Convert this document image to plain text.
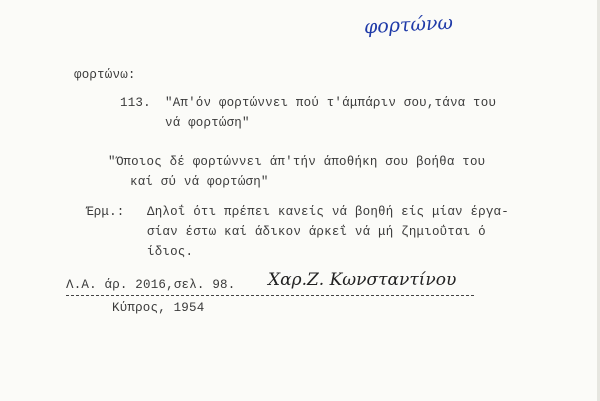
φορτώνω
φορτώνω:
113. "Απ'όν φορτώννει πού τ'άμπάριν σου,τάνα του
νά φορτώση"
"Όποιος δέ φορτώννει άπ'τήν άποθήκη σου βοήθα του
καί σύ νά φορτώση"
Έρμ.: Δηλοΐ ότι πρέπει κανείς νά βοηθή είς μίαν έργα-
σίαν έστω καί άδικον άρκεΐ νά μή ζημιοΰται ό
ίδιος.
Λ.Α. άρ. 2016,σελ. 98. Χαρ.Ζ. Κωνσταντίνου
Κύπρος, 1954
